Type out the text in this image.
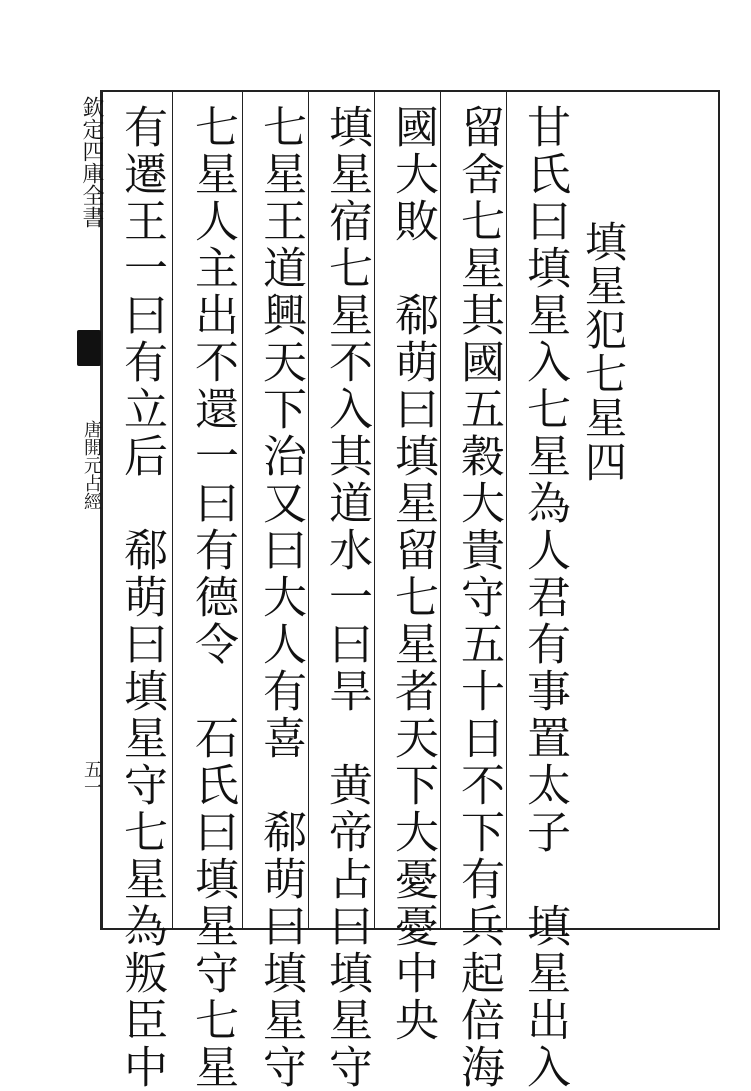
欽定四庫全書
唐開元占經
五一
填星犯七星四
甘氏曰填星入七星為人君有事置太子　填星出入
留舍七星其國五穀大貴守五十日不下有兵起倍海
國大敗　郗萌曰填星留七星者天下大憂憂中央
填星宿七星不入其道水一曰旱　黄帝占曰填星守
七星王道興天下治又曰大人有喜　郗萌曰填星守
七星人主出不還一曰有德令　石氏曰填星守七星
有遷王一曰有立后　郗萌曰填星守七星為叛臣中
